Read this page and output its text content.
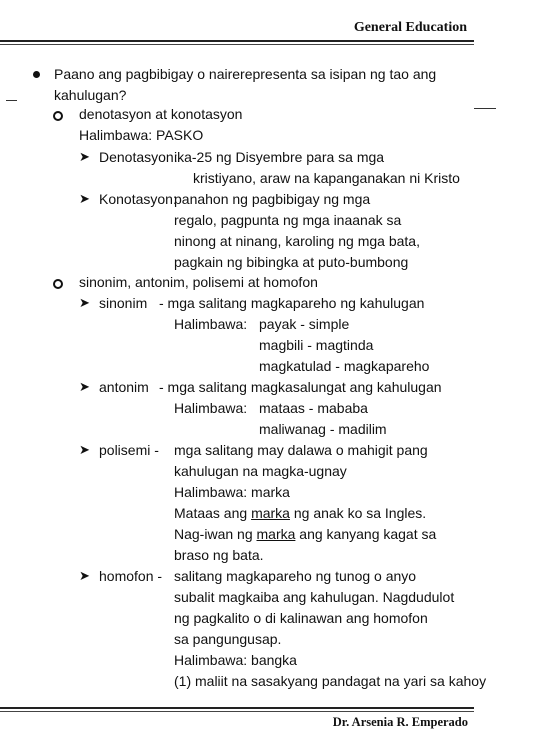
General Education
Paano ang pagbibigay o nairerepresenta sa isipan ng tao ang
kahulugan?
denotasyon at konotasyon
Halimbawa: PASKO
➤ Denotasyon:
ika-25 ng Disyembre para sa mga
kristiyano, araw na kapanganakan ni Kristo
➤ Konotasyon:
panahon ng pagbibigay ng mga
regalo, pagpunta ng mga inaanak sa
ninong at ninang, karoling ng mga bata,
pagkain ng bibingka at puto-bumbong
sinonim, antonim, polisemi at homofon
➤ sinonim - mga salitang magkapareho ng kahulugan
Halimbawa: payak - simple
magbili - magtinda
magkatulad - magkapareho
➤ antonim - mga salitang magkasalungat ang kahulugan
Halimbawa: mataas - mababa
maliwanag - madilim
➤ polisemi - mga salitang may dalawa o mahigit pang
kahulugan na magka-ugnay
Halimbawa: marka
Mataas ang marka ng anak ko sa Ingles.
Nag-iwan ng marka ang kanyang kagat sa
braso ng bata.
➤ homofon - salitang magkapareho ng tunog o anyo
subalit magkaiba ang kahulugan. Nagdudulot
ng pagkalito o di kalinawan ang homofon
sa pangungusap.
Halimbawa: bangka
(1) maliit na sasakyang pandagat na yari sa kahoy
Dr. Arsenia R. Emperado
